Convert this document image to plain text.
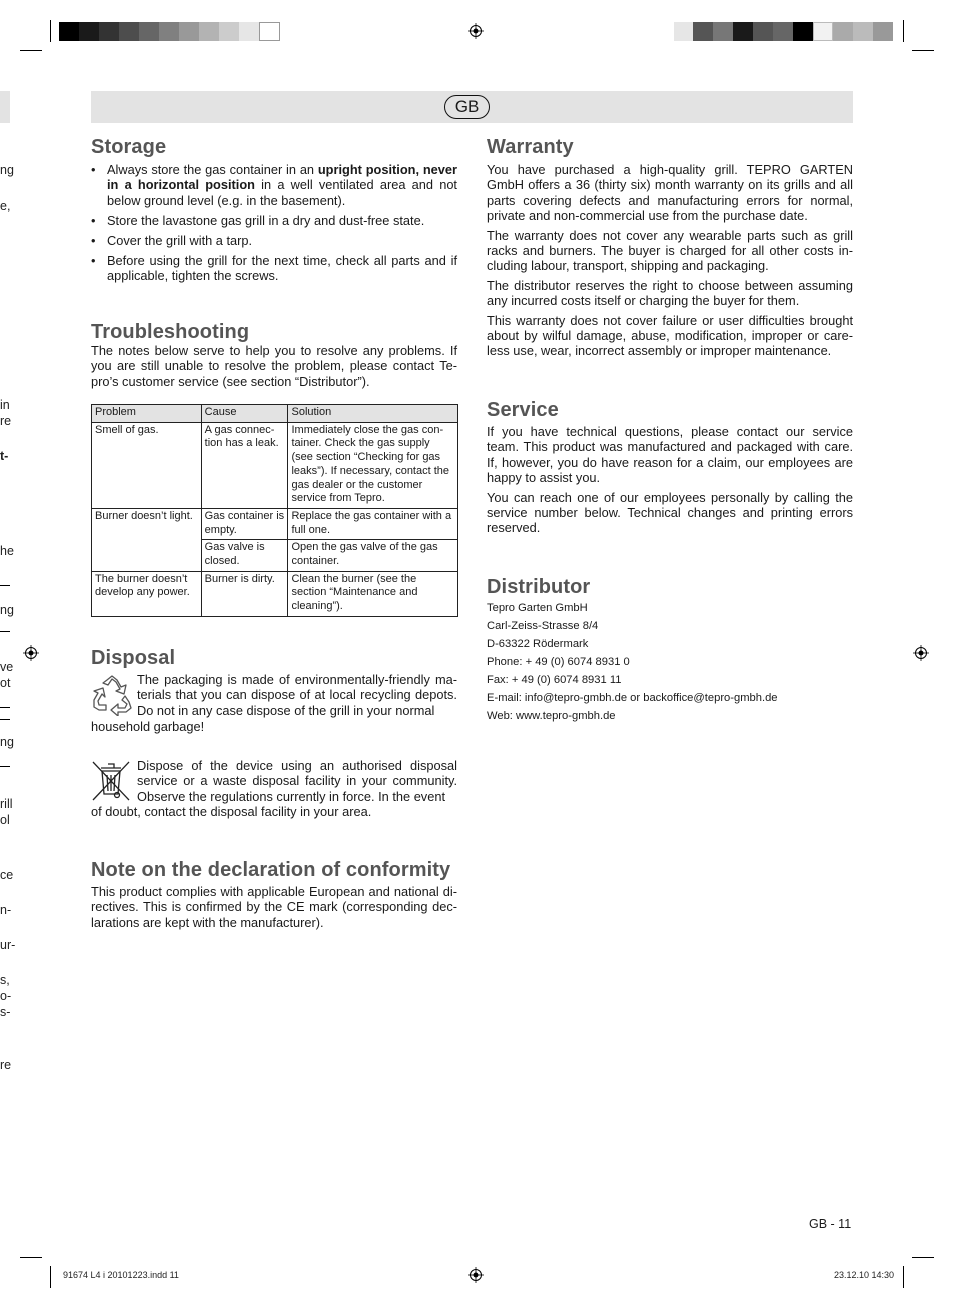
ng
e,
in
re
t-
he
ng
ve
ot
ng
rill
ol
ce
n-
ur-
s,
o-
s-
re
GB
Storage
• Always store the gas container in an upright position, never in a horizontal position in a well ventilated area and not below ground level (e.g. in the basement).
• Store the lavastone gas grill in a dry and dust-free state.
• Cover the grill with a tarp.
• Before using the grill for the next time, check all parts and if applicable, tighten the screws.
Troubleshooting
The notes below serve to help you to resolve any problems. If you are still unable to resolve the problem, please contact Te-pro’s customer service (see section “Distributor”).
Problem	Cause	Solution
Smell of gas.	A gas connec-tion has a leak.	Immediately close the gas con-tainer. Check the gas supply (see section “Checking for gas leaks”). If necessary, contact the gas dealer or the customer service from Tepro.
Burner doesn’t light.	Gas container is empty.	Replace the gas container with a full one.
	Gas valve is closed.	Open the gas valve of the gas container.
The burner doesn’t develop any power.	Burner is dirty.	Clean the burner (see the section “Maintenance and cleaning”).
Disposal
The packaging is made of environmentally-friendly ma-terials that you can dispose of at local recycling depots. Do not in any case dispose of the grill in your normal
household garbage!
Dispose of the device using an authorised disposal service or a waste disposal facility in your community. Observe the regulations currently in force. In the event
of doubt, contact the disposal facility in your area.
Note on the declaration of conformity
This product complies with applicable European and national di-rectives. This is confirmed by the CE mark (corresponding dec-larations are kept with the manufacturer).
Warranty

You have purchased a high-quality grill. TEPRO GARTEN GmbH offers a 36 (thirty six) month warranty on its grills and all parts covering defects and manufacturing errors for normal, private and non-commercial use from the purchase date.

The warranty does not cover any wearable parts such as grill racks and burners. The buyer is charged for all other costs in-cluding labour, transport, shipping and packaging.

The distributor reserves the right to choose between assuming any incurred costs itself or charging the buyer for them.

This warranty does not cover failure or user difficulties brought about by wilful damage, abuse, modification, improper or care-less use, wear, incorrect assembly or improper maintenance.

Service

If you have technical questions, please contact our service team. This product was manufactured and packaged with care. If, however, you do have reason for a claim, our employees are happy to assist you.

You can reach one of our employees personally by calling the service number below. Technical changes and printing errors reserved.

Distributor
Tepro Garten GmbH
Carl-Zeiss-Strasse 8/4
D-63322 Rödermark
Phone: + 49 (0) 6074 8931 0
Fax: + 49 (0) 6074 8931 11
E-mail: info@tepro-gmbh.de or backoffice@tepro-gmbh.de
Web: www.tepro-gmbh.de
GB - 11
91674 L4 i 20101223.indd 11	23.12.10 14:30
